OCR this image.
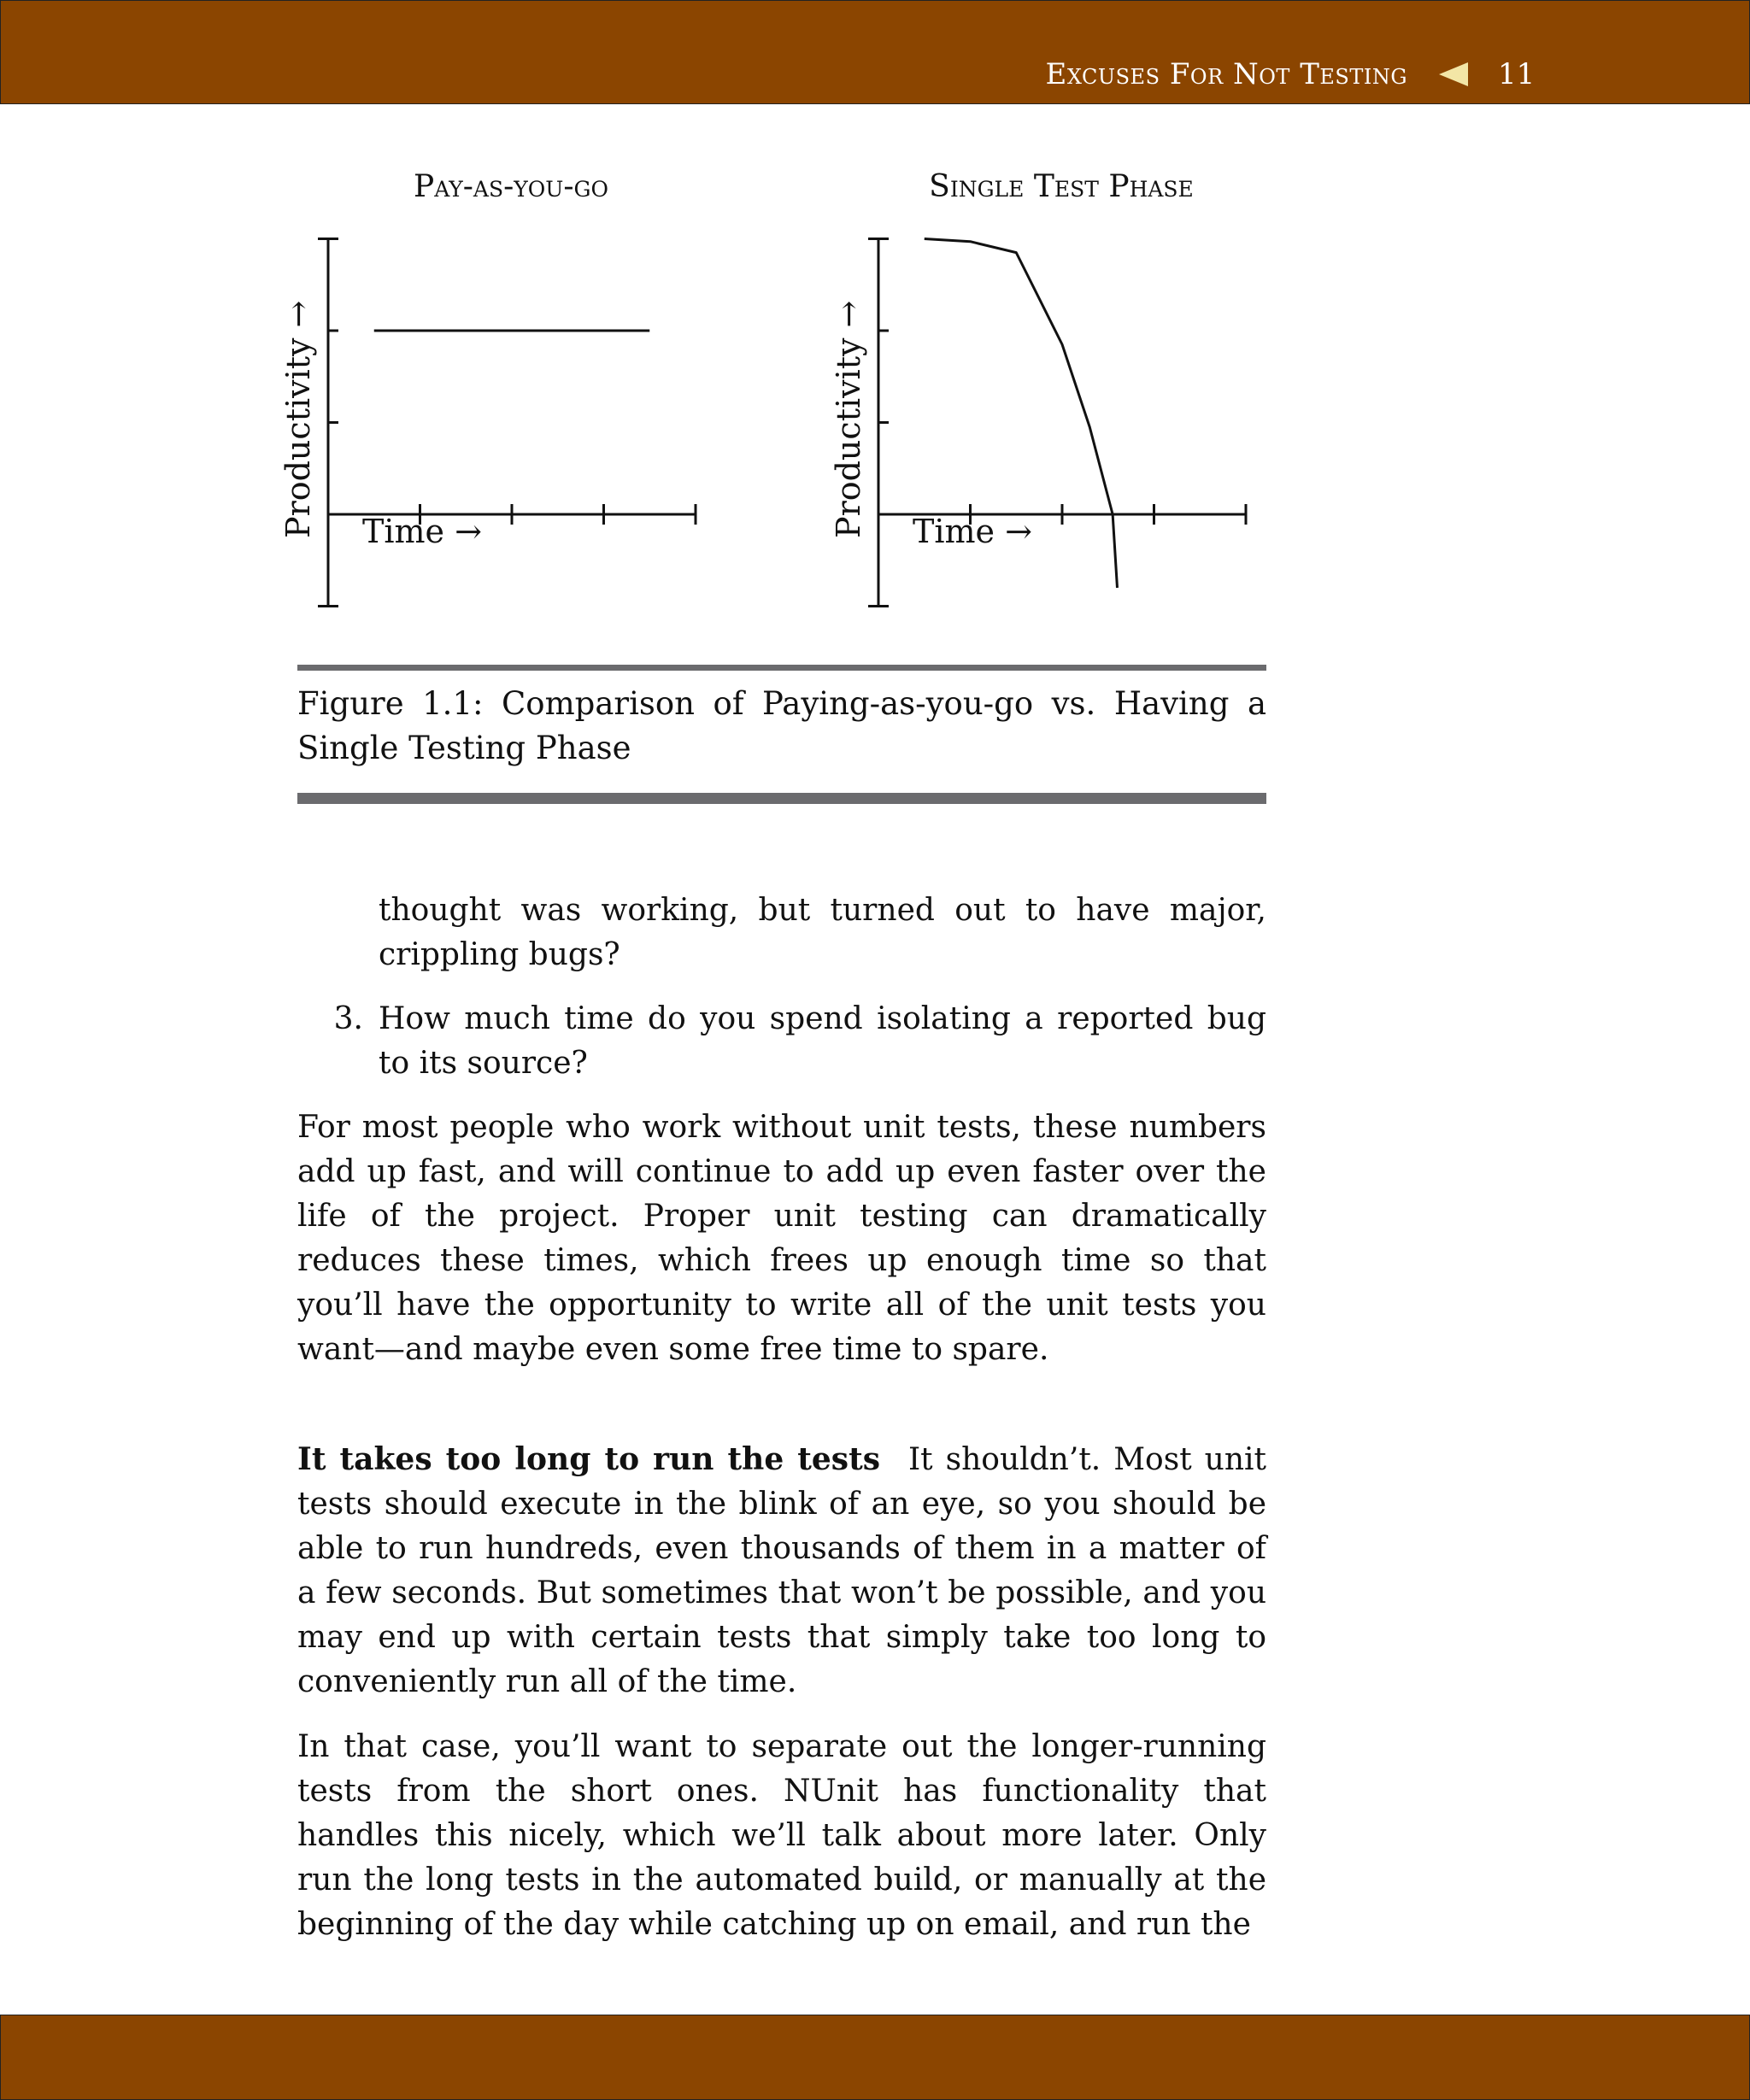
Excuses For Not Testing	11
Pay-as-you-go
Time →
Productivity →
Single Test Phase
Time →
Productivity →
Figure 1.1: Comparison of Paying-as-you-go vs. Having a Single Testing Phase

thought was working, but turned out to have major, crippling bugs?

3. How much time do you spend isolating a reported bug to its source?

For most people who work without unit tests, these numbers add up fast, and will continue to add up even faster over the life of the project. Proper unit testing can dramatically reduces these times, which frees up enough time so that you’ll have the opportunity to write all of the unit tests you want—and maybe even some free time to spare.

It takes too long to run the tests  It shouldn’t. Most unit tests should execute in the blink of an eye, so you should be able to run hundreds, even thousands of them in a matter of a few seconds. But sometimes that won’t be possible, and you may end up with certain tests that simply take too long to conveniently run all of the time.

In that case, you’ll want to separate out the longer-running tests from the short ones. NUnit has functionality that handles this nicely, which we’ll talk about more later. Only run the long tests in the automated build, or manually at the beginning of the day while catching up on email, and run the
